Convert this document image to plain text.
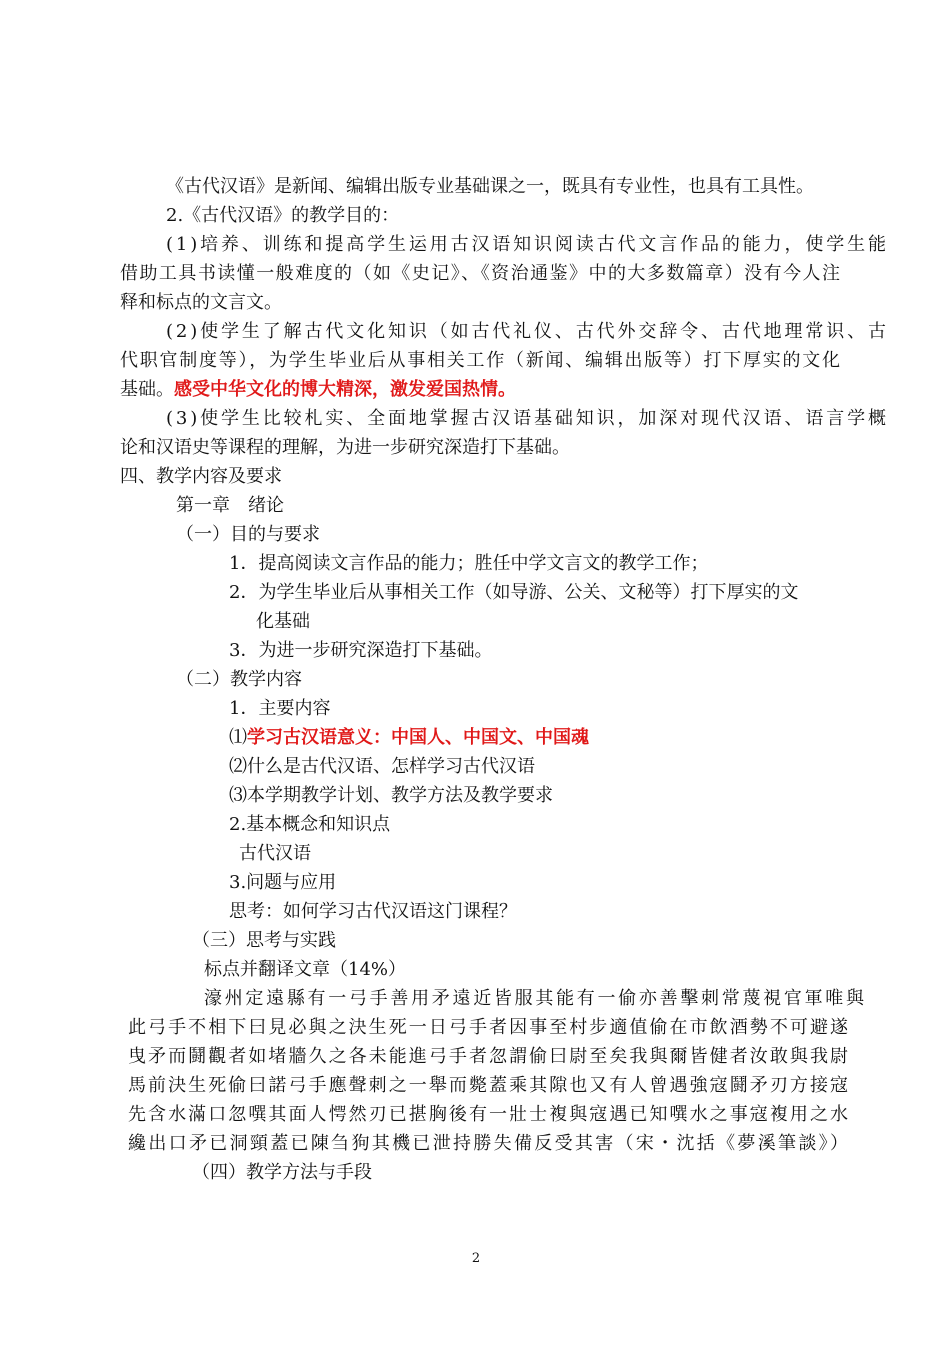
《古代汉语》是新闻、编辑出版专业基础课之一，既具有专业性，也具有工具性。
2.《古代汉语》的教学目的：
(1)培养、训练和提高学生运用古汉语知识阅读古代文言作品的能力，使学生能
借助工具书读懂一般难度的（如《史记》、《资治通鉴》中的大多数篇章）没有今人注
释和标点的文言文。
(2)使学生了解古代文化知识（如古代礼仪、古代外交辞令、古代地理常识、古
代职官制度等），为学生毕业后从事相关工作（新闻、编辑出版等）打下厚实的文化
基础。感受中华文化的博大精深，激发爱国热情。
(3)使学生比较札实、全面地掌握古汉语基础知识，加深对现代汉语、语言学概
论和汉语史等课程的理解，为进一步研究深造打下基础。
四、教学内容及要求
第一章　绪论
（一）目的与要求
1．提高阅读文言作品的能力；胜任中学文言文的教学工作；
2．为学生毕业后从事相关工作（如导游、公关、文秘等）打下厚实的文
化基础
3．为进一步研究深造打下基础。
（二）教学内容
1．主要内容
⑴学习古汉语意义：中国人、中国文、中国魂
⑵什么是古代汉语、怎样学习古代汉语
⑶本学期教学计划、教学方法及教学要求
2.基本概念和知识点
古代汉语
3.问题与应用
思考：如何学习古代汉语这门课程？
（三）思考与实践
标点并翻译文章（14%）
濠州定遠縣有一弓手善用矛遠近皆服其能有一偷亦善擊刺常蔑視官軍唯與
此弓手不相下曰見必與之決生死一日弓手者因事至村步適值偷在市飲酒勢不可避遂
曳矛而鬪觀者如堵牆久之各未能進弓手者忽謂偷曰尉至矣我與爾皆健者汝敢與我尉
馬前決生死偷曰諾弓手應聲刺之一舉而斃蓋乘其隙也又有人曾遇強寇鬪矛刃方接寇
先含水滿口忽噀其面人愕然刃已揕胸後有一壯士複與寇遇已知噀水之事寇複用之水
纔出口矛已洞頸蓋已陳刍狗其機已泄持勝失備反受其害（宋・沈括《夢溪筆談》）
（四）教学方法与手段
2
